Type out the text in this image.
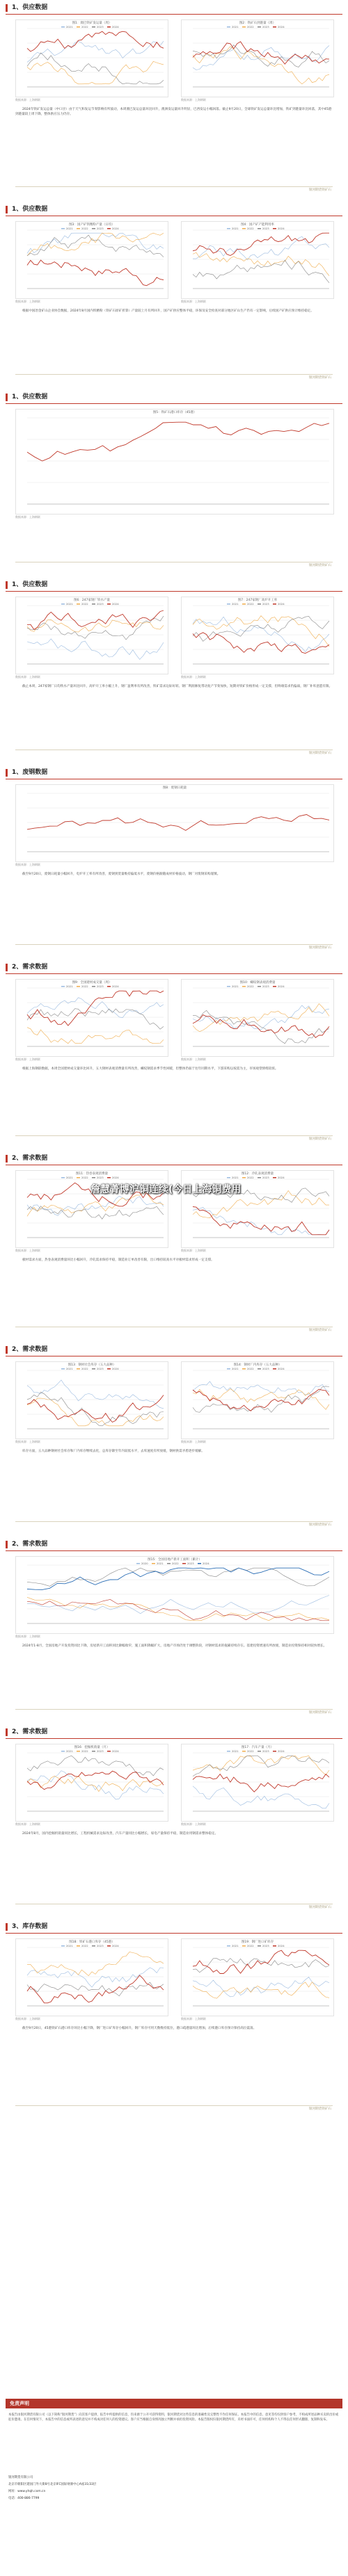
1、供应数据
2021	2022	2023	2024
图1：澳巴铁矿发运量（周）
数据来源：上海钢联
2021	2022	2023	2024
图2：铁矿石到港量（周）
数据来源：上海钢联
2024年铁矿发运总量（中口径）由于天气和发运节奏影响有所波动，本周澳巴发运总量环比回升，澳洲发运量回升明显，巴西发运小幅回落。截止9月20日，全球铁矿发运总量环比增加，铁矿到港量环比回落，其中45港到港量较上周下降，整体供应压力仍存。
银河期货铁矿石
1、供应数据
2021	2022	2023	2024
图3：国产矿铁精粉产量（日均）
数据来源：上海钢联
2021	2022	2023	2024
图4：国产矿产能利用率
数据来源：上海钢联
根据中国冶金矿山企业协会数据，2024年8月国内铁精粉（铁矿石原矿折算）产量较上月有所回升，国产矿供应整体平稳，环保及安全检查对部分地区矿山生产仍有一定影响，后续国产矿供应预计维持稳定。
银河期货铁矿石
1、供应数据
图5：铁矿石港口库存（45港）
数据来源：上海钢联
银河期货铁矿石
1、供应数据
2021	2022	2023	2024
图6：247家钢厂铁水产量
数据来源：上海钢联
2021	2022	2023	2024
图7：247家钢厂高炉开工率
数据来源：上海钢联
截止本周，247家钢厂日均铁水产量环比回升，高炉开工率小幅上升，钢厂盈利率有所改善，铁矿需求边际好转。钢厂利润修复带动复产节奏加快，短期对铁矿价格形成一定支撑，但终端需求仍偏弱，钢厂补库意愿有限。
银河期货铁矿石
1、废钢数据
图8：废钢日耗量
数据来源：上海钢联
截至9月20日，废钢日耗量小幅回升，电炉开工率有所改善，废钢到货量维持偏低水平，废钢价格跟随成材价格波动，钢厂对废钢采购谨慎。
银河期货铁矿石
2、需求数据
2021	2022	2023	2024
图9：全国建材成交量（周）
数据来源：上海钢联
2021	2022	2023	2024
图10：螺纹钢表观消费量
数据来源：上海钢联
根据上海钢联数据，本周全国建材成交量环比回升，五大钢材表观消费量有所改善，螺纹钢需求季节性回暖，但整体仍弱于往年同期水平，下游采购以按需为主，市场观望情绪较浓。
银河期货铁矿石
2、需求数据
2021	2022	2023	2024
图11：热卷表观消费量
数据来源：上海钢联
2021	2022	2023	2024
图12：冷轧表观消费量
数据来源：上海钢联
板材需求方面，热卷表观消费量环比小幅回升，冷轧需求保持平稳，制造业订单改善有限，出口维持较高水平对板材需求形成一定支撑。
银河期货铁矿石
2、需求数据
2021	2022	2023	2024
图13：钢材社会库存（五大品种）
数据来源：上海钢联
2021	2022	2023	2024
图14：钢材厂内库存（五大品种）
数据来源：上海钢联
库存方面，五大品种钢材社会库存和厂内库存继续去化，总库存降至年内较低水平，去库速度有所放缓，钢材供需矛盾逐步缓解。
银河期货铁矿石
2、需求数据
2020	2021	2022	2023	2024
图15：全国房地产新开工面积（累计）
数据来源：上海钢联
2024年1-8月，全国房地产开发投资同比下降，房屋新开工面积同比降幅收窄，施工面积降幅扩大，房地产市场仍处于调整阶段，对钢材需求的拖累持续存在。基建投资增速有所放缓，制造业投资保持相对较快增长。
银河期货铁矿石
2、需求数据
2021	2022	2023	2024
图16：挖掘机销量（月）
数据来源：上海钢联
2021	2022	2023	2024
图17：汽车产量（月）
数据来源：上海钢联
2024年8月，国内挖掘机销量同比增长，工程机械需求边际改善，汽车产量同比小幅增长，家电产量保持平稳，制造业用钢需求整体稳定。
银河期货铁矿石
3、库存数据
2021	2022	2023	2024
图18：铁矿石港口库存（45港）
数据来源：上海钢联
2021	2022	2023	2024
图19：钢厂进口矿库存
数据来源：上海钢联
截至9月20日，45港铁矿石港口库存环比小幅下降，钢厂进口矿库存小幅回升，钢厂库存可用天数维持低位，港口疏港量环比增加，后续港口库存预计保持高位震荡。
银河期货铁矿石
詹慧菁博沪铜连续(今日上海铜费用
免责声明
本报告由银河期货有限公司（以下简称“银河期货”）向其客户提供，报告中所提供的信息，均来源于公开可获得资料，银河期货对这些信息的准确性及完整性不作任何保证。本报告中的信息、意见等均仅供客户参考，不构成所述品种买卖的出价或征价邀请。在任何情况下，本报告中的信息或所表述的意见并不构成对任何人的投资建议。客户应当根据自身情况独立判断并承担投资风险。本报告版权归银河期货所有，未经书面许可，任何机构和个人不得以任何形式翻版、复制和发布。
银河期货有限公司
北京市朝阳区建国门外大街8号北京IFC国际财源中心A座31/33层
网址：www.yhqh.com.cn
电话：400-886-7799
